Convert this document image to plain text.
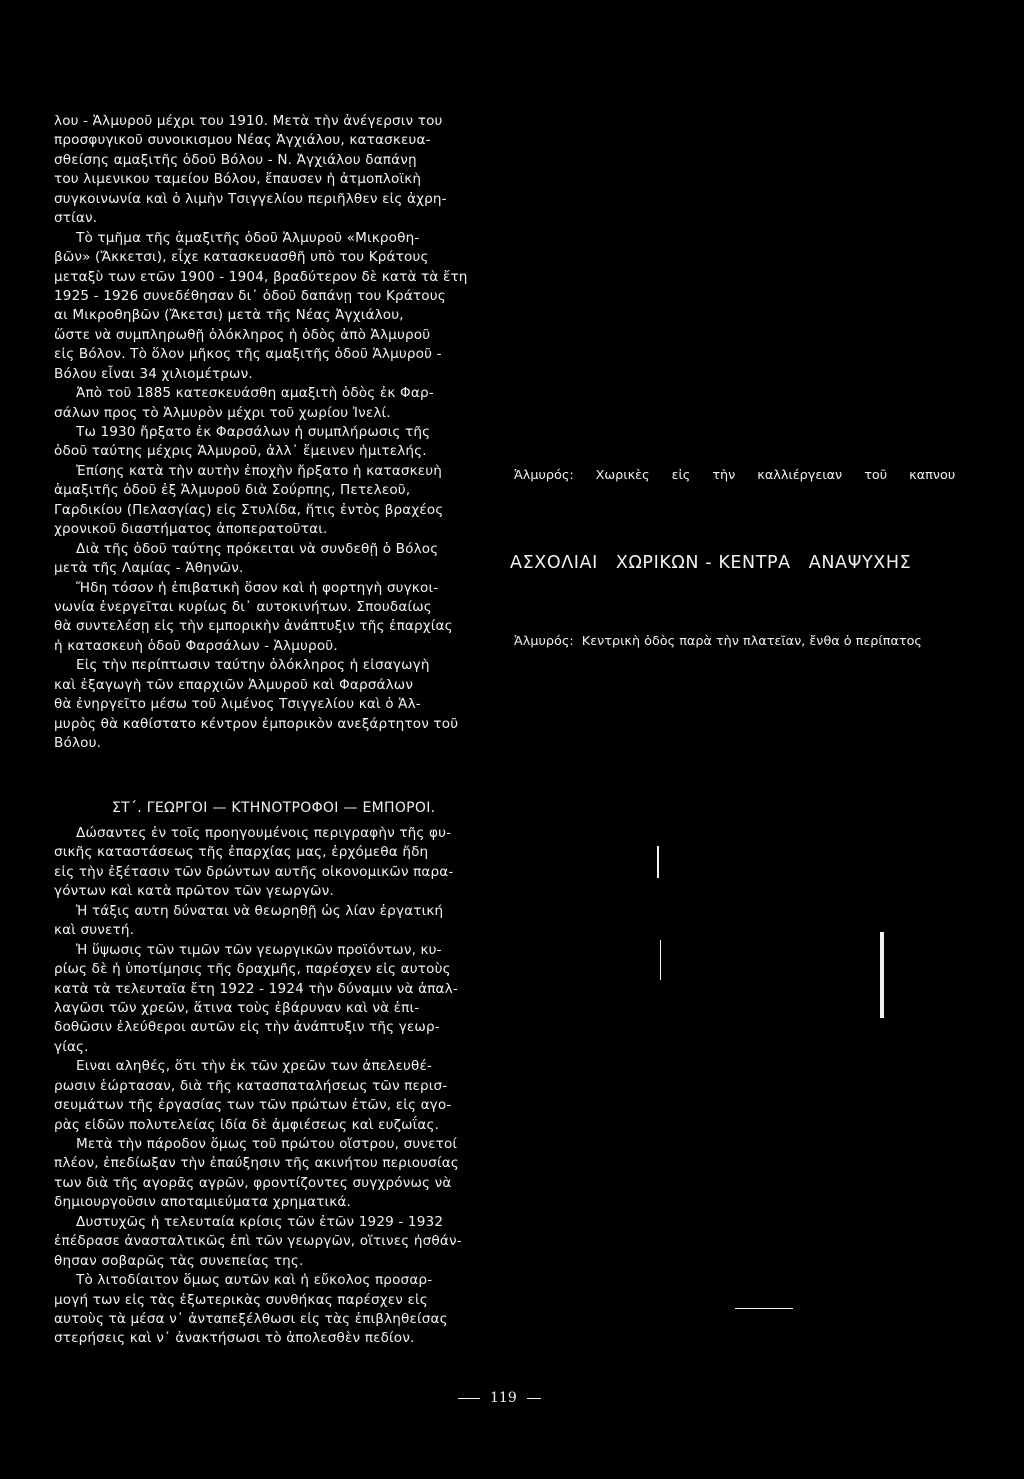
λου - Ἁλμυροῦ μέχρι του 1910. Μετὰ τὴν ἀνέγερσιν του
προσφυγικοῦ συνοικισμου Νέας Ἀγχιάλου, κατασκευα-
σθείσης αμαξιτῆς ὁδοῦ Βόλου - Ν. Ἀγχιάλου δαπάνῃ
του λιμενικου ταμείου Βόλου, ἔπαυσεν ἡ ἀτμοπλοϊκὴ
συγκοινωνία καὶ ὁ λιμὴν Τσιγγελίου περιῆλθεν εἰς ἀχρη-
στίαν.
Τὸ τμῆμα τῆς ἁμαξιτῆς ὁδοῦ Ἁλμυροῦ «Μικροθη-
βῶν» (Ἄκκετσι), εἶχε κατασκευασθῆ υπὸ του Κράτους
μεταξὺ των ετῶν 1900 - 1904, βραδύτερον δὲ κατὰ τὰ ἔτη
1925 - 1926 συνεδέθησαν δι᾽ ὁδοῦ δαπάνῃ του Κράτους
αι Μικροθηβῶν (Ἄκετσι) μετὰ τῆς Νέας Ἀγχιάλου,
ὥστε νὰ συμπληρωθῇ ὁλόκληρος ἡ ὁδὸς ἀπὸ Ἁλμυροῦ
εἰς Βόλον. Τὸ ὅλον μῆκος τῆς αμαξιτῆς ὁδοῦ Ἁλμυροῦ -
Βόλου εἶναι 34 χιλιομέτρων.
Ἀπὸ τοῦ 1885 κατεσκευάσθη αμαξιτὴ ὁδὸς ἐκ Φαρ-
σάλων προς τὸ Ἁλμυρὸν μέχρι τοῦ χωρίου Ἰνελί.
Τω 1930 ἤρξατο ἐκ Φαρσάλων ἡ συμπλήρωσις τῆς
ὁδοῦ ταύτης μέχρις Ἁλμυροῦ, ἀλλ᾽ ἔμεινεν ἡμιτελής.
Ἐπίσης κατὰ τὴν αυτὴν ἐποχὴν ἤρξατο ἡ κατασκευὴ
ἁμαξιτῆς ὁδοῦ ἐξ Ἁλμυροῦ διὰ Σούρπης, Πετελεοῦ,
Γαρδικίου (Πελασγίας) εἰς Στυλίδα, ἥτις ἐντὸς βραχέος
χρονικοῦ διαστήματος ἀποπερατοῦται.
Διὰ τῆς ὁδοῦ ταύτης πρόκειται νὰ συνδεθῇ ὁ Βόλος
μετὰ τῆς Λαμίας - Ἀθηνῶν.
Ἤδη τόσον ἡ ἐπιβατικὴ ὅσον καὶ ἡ φορτηγὴ συγκοι-
νωνία ἐνεργεῖται κυρίως δι᾽ αυτοκινήτων. Σπουδαίως
θὰ συντελέσῃ εἰς τὴν εμπορικὴν ἀνάπτυξιν τῆς ἐπαρχίας
ἡ κατασκευὴ ὁδοῦ Φαρσάλων - Ἁλμυροῦ.
Εἰς τὴν περίπτωσιν ταύτην ὁλόκληρος ἡ εἰσαγωγὴ
καὶ ἐξαγωγὴ τῶν επαρχιῶν Ἁλμυροῦ καὶ Φαρσάλων
θὰ ἐνηργεῖτο μέσω τοῦ λιμένος Τσιγγελίου καὶ ὁ Ἁλ-
μυρὸς θὰ καθίστατο κέντρον ἐμπορικὸν ανεξάρτητον τοῦ
Βόλου.
ΣΤ΄. ΓΕΩΡΓΟΙ — ΚΤΗΝΟΤΡΟΦΟΙ — ΕΜΠΟΡΟΙ.
Δώσαντες ἐν τοῖς προηγουμένοις περιγραφὴν τῆς φυ-
σικῆς καταστάσεως τῆς ἐπαρχίας μας, ἐρχόμεθα ἤδη
εἰς τὴν ἐξέτασιν τῶν δρώντων αυτῆς οἰκονομικῶν παρα-
γόντων καὶ κατὰ πρῶτον τῶν γεωργῶν.
Ἡ τάξις αυτη δύναται νὰ θεωρηθῇ ὡς λίαν ἐργατική
καὶ συνετή.
Ἡ ὕψωσις τῶν τιμῶν τῶν γεωργικῶν προϊόντων, κυ-
ρίως δὲ ἡ ὑποτίμησις τῆς δραχμῆς, παρέσχεν εἰς αυτοὺς
κατὰ τὰ τελευταῖα ἔτη 1922 - 1924 τὴν δύναμιν νὰ ἀπαλ-
λαγῶσι τῶν χρεῶν, ἅτινα τοὺς ἐβάρυναν καὶ νὰ ἐπι-
δοθῶσιν ἐλεύθεροι αυτῶν εἰς τὴν ἀνάπτυξιν τῆς γεωρ-
γίας.
Ειναι αληθές, ὅτι τὴν ἐκ τῶν χρεῶν των ἀπελευθέ-
ρωσιν ἑώρτασαν, διὰ τῆς κατασπαταλήσεως τῶν περισ-
σευμάτων τῆς ἐργασίας των τῶν πρώτων ἐτῶν, εἰς αγο-
ρὰς εἰδῶν πολυτελείας ἰδία δὲ ἀμφιέσεως καὶ ευζωΐας.
Μετὰ τὴν πάροδον ὅμως τοῦ πρώτου οἴστρου, συνετοί
πλέον, ἐπεδίωξαν τὴν ἐπαύξησιν τῆς ακινήτου περιουσίας
των διὰ τῆς αγορᾶς αγρῶν, φροντίζοντες συγχρόνως νὰ
δημιουργοῦσιν αποταμιεύματα χρηματικά.
Δυστυχῶς ἡ τελευταία κρίσις τῶν ἐτῶν 1929 - 1932
ἐπέδρασε ἀνασταλτικῶς ἐπὶ τῶν γεωργῶν, οἵτινες ἠσθάν-
θησαν σοβαρῶς τὰς συνεπείας της.
Τὸ λιτοδίαιτον ὅμως αυτῶν καὶ ἡ εὔκολος προσαρ-
μογή των εἰς τὰς ἐξωτερικὰς συνθήκας παρέσχεν εἰς
αυτοὺς τὰ μέσα ν᾽ ἀνταπεξέλθωσι εἰς τὰς ἐπιβληθείσας
στερήσεις καὶ ν᾽ ἀνακτήσωσι τὸ ἀπολεσθὲν πεδίον.
Ἁλμυρός: Χωρικὲς εἰς τὴν καλλιέργειαν τοῦ καπνου
ΑΣΧΟΛΙΑΙ ΧΩΡΙΚΩΝ - ΚΕΝΤΡΑ ΑΝΑΨΥΧΗΣ
Ἁλμυρός: Κεντρικὴ ὁδὸς παρὰ τὴν πλατεῖαν, ἔνθα ὁ περίπατος
119
